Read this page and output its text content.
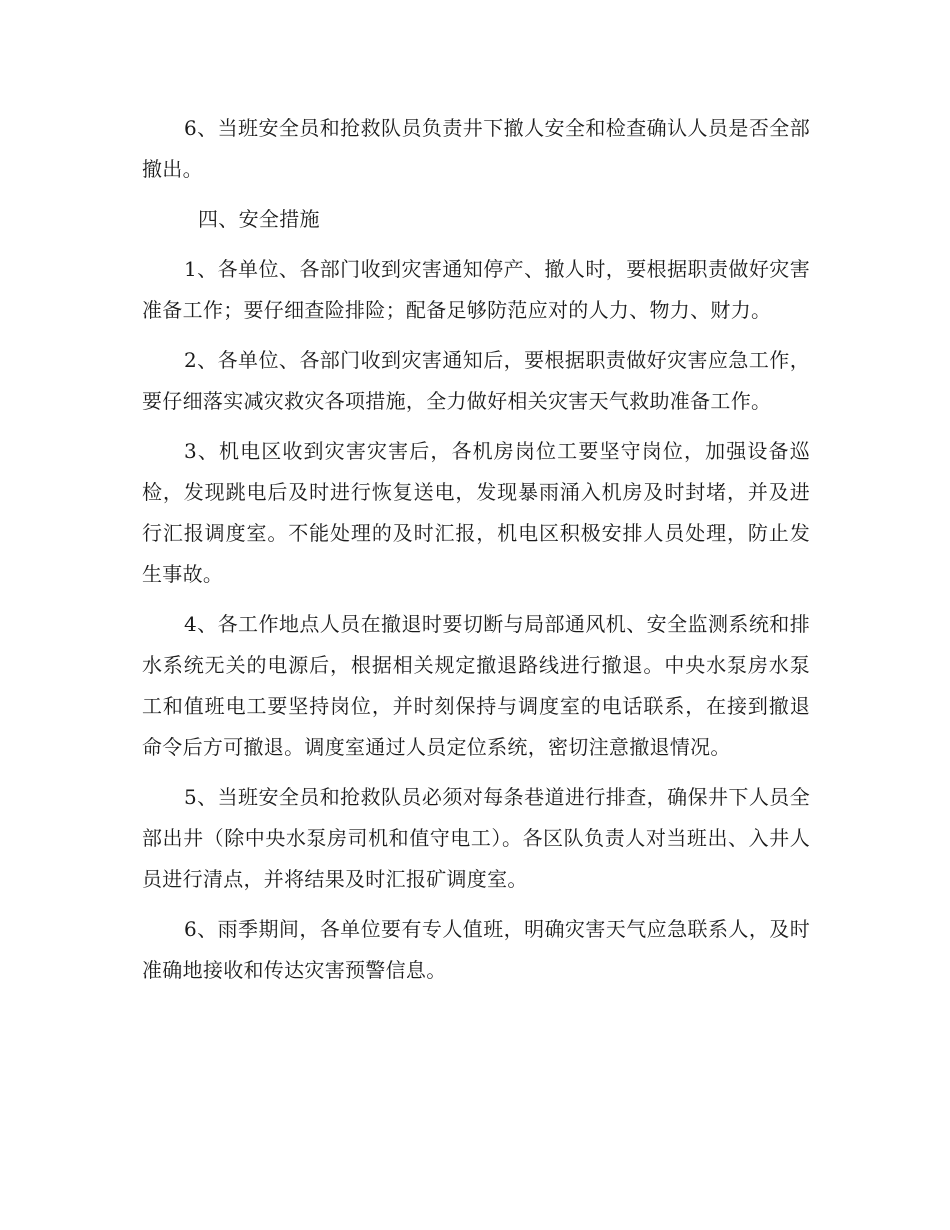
6、当班安全员和抢救队员负责井下撤人安全和检查确认人员是否全部撤出。

四、安全措施

1、各单位、各部门收到灾害通知停产、撤人时，要根据职责做好灾害准备工作；要仔细查险排险；配备足够防范应对的人力、物力、财力。

2、各单位、各部门收到灾害通知后，要根据职责做好灾害应急工作，要仔细落实减灾救灾各项措施，全力做好相关灾害天气救助准备工作。

3、机电区收到灾害灾害后，各机房岗位工要坚守岗位，加强设备巡检，发现跳电后及时进行恢复送电，发现暴雨涌入机房及时封堵，并及进行汇报调度室。不能处理的及时汇报，机电区积极安排人员处理，防止发生事故。

4、各工作地点人员在撤退时要切断与局部通风机、安全监测系统和排水系统无关的电源后，根据相关规定撤退路线进行撤退。中央水泵房水泵工和值班电工要坚持岗位，并时刻保持与调度室的电话联系，在接到撤退命令后方可撤退。调度室通过人员定位系统，密切注意撤退情况。

5、当班安全员和抢救队员必须对每条巷道进行排查，确保井下人员全部出井（除中央水泵房司机和值守电工）。各区队负责人对当班出、入井人员进行清点，并将结果及时汇报矿调度室。

6、雨季期间，各单位要有专人值班，明确灾害天气应急联系人，及时准确地接收和传达灾害预警信息。
